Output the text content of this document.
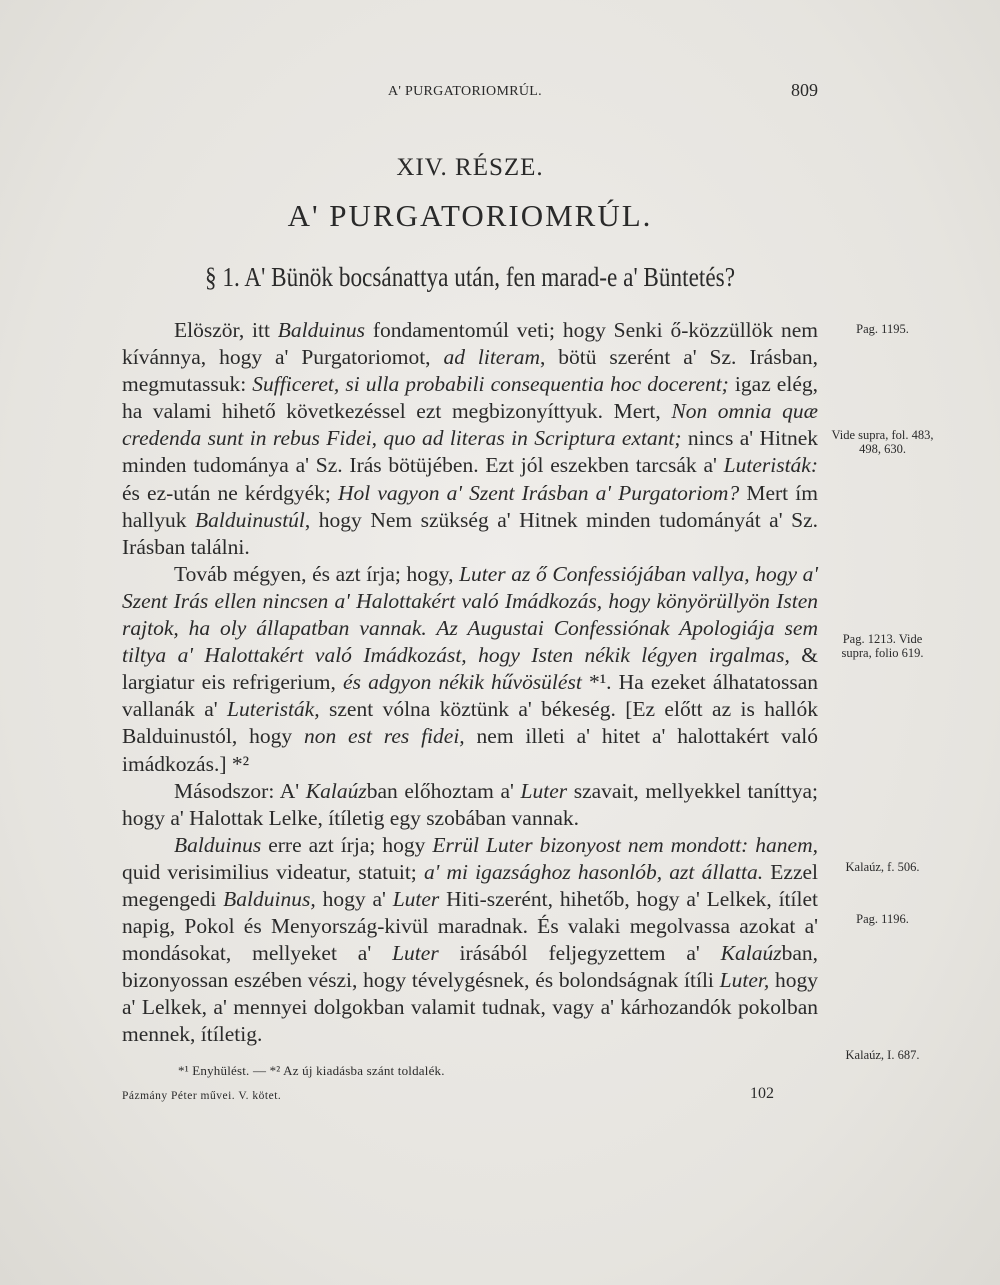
A' PURGATORIOMRÚL.	809
XIV. RÉSZE.
A' PURGATORIOMRÚL.
§ 1. A' Bünök bocsánattya után, fen marad-e a' Büntetés?

Elöször, itt Balduinus fondamentomúl veti; hogy Senki ő-közzüllök nem kívánnya, hogy a' Purgatoriomot, ad literam, bötü szerént a' Sz. Irásban, megmutassuk: Sufficeret, si ulla probabili consequentia hoc docerent; igaz elég, ha valami hihető következéssel ezt megbizonyíttyuk. Mert, Non omnia quæ credenda sunt in rebus Fidei, quo ad literas in Scriptura extant; nincs a' Hitnek minden tudománya a' Sz. Irás bötüjében. Ezt jól eszekben tarcsák a' Luteristák: és ez-után ne kérdgyék; Hol vagyon a' Szent Irásban a' Purgatoriom? Mert ím hallyuk Balduinustúl, hogy Nem szükség a' Hitnek minden tudományát a' Sz. Irásban találni.

Továb mégyen, és azt írja; hogy, Luter az ő Confessiójában vallya, hogy a' Szent Irás ellen nincsen a' Halottakért való Imádkozás, hogy könyörüllyön Isten rajtok, ha oly állapatban vannak. Az Augustai Confessiónak Apologiája sem tiltya a' Halottakért való Imádkozást, hogy Isten nékik légyen irgalmas, & largiatur eis refrigerium, és adgyon nékik hűvösülést *¹. Ha ezeket álhatatossan vallanák a' Luteristák, szent vólna köztünk a' békeség. [Ez előtt az is hallók Balduinustól, hogy non est res fidei, nem illeti a' hitet a' halottakért való imádkozás.] *²

Másodszor: A' Kalaúzban előhoztam a' Luter szavait, mellyekkel taníttya; hogy a' Halottak Lelke, ítíletig egy szobában vannak.

Balduinus erre azt írja; hogy Errül Luter bizonyost nem mondott: hanem, quid verisimilius videatur, statuit; a' mi igazsághoz hasonlób, azt állatta. Ezzel megengedi Balduinus, hogy a' Luter Hiti-szerént, hihetőb, hogy a' Lelkek, ítílet napig, Pokol és Menyország-kivül maradnak. És valaki megolvassa azokat a' mondásokat, mellyeket a' Luter irásából feljegyzettem a' Kalaúzban, bizonyossan eszében vészi, hogy tévelygésnek, és bolondságnak ítíli Luter, hogy a' Lelkek, a' mennyei dolgokban valamit tudnak, vagy a' kárhozandók pokolban mennek, ítíletig.

Pag. 1195.
Vide supra, fol. 483, 498, 630.
Pag. 1213. Vide supra, folio 619.
Kalaúz, f. 506.
Pag. 1196.
Kalaúz, I. 687.
*¹ Enyhülést. — *² Az új kiadásba szánt toldalék.
Pázmány Péter művei. V. kötet.	102
